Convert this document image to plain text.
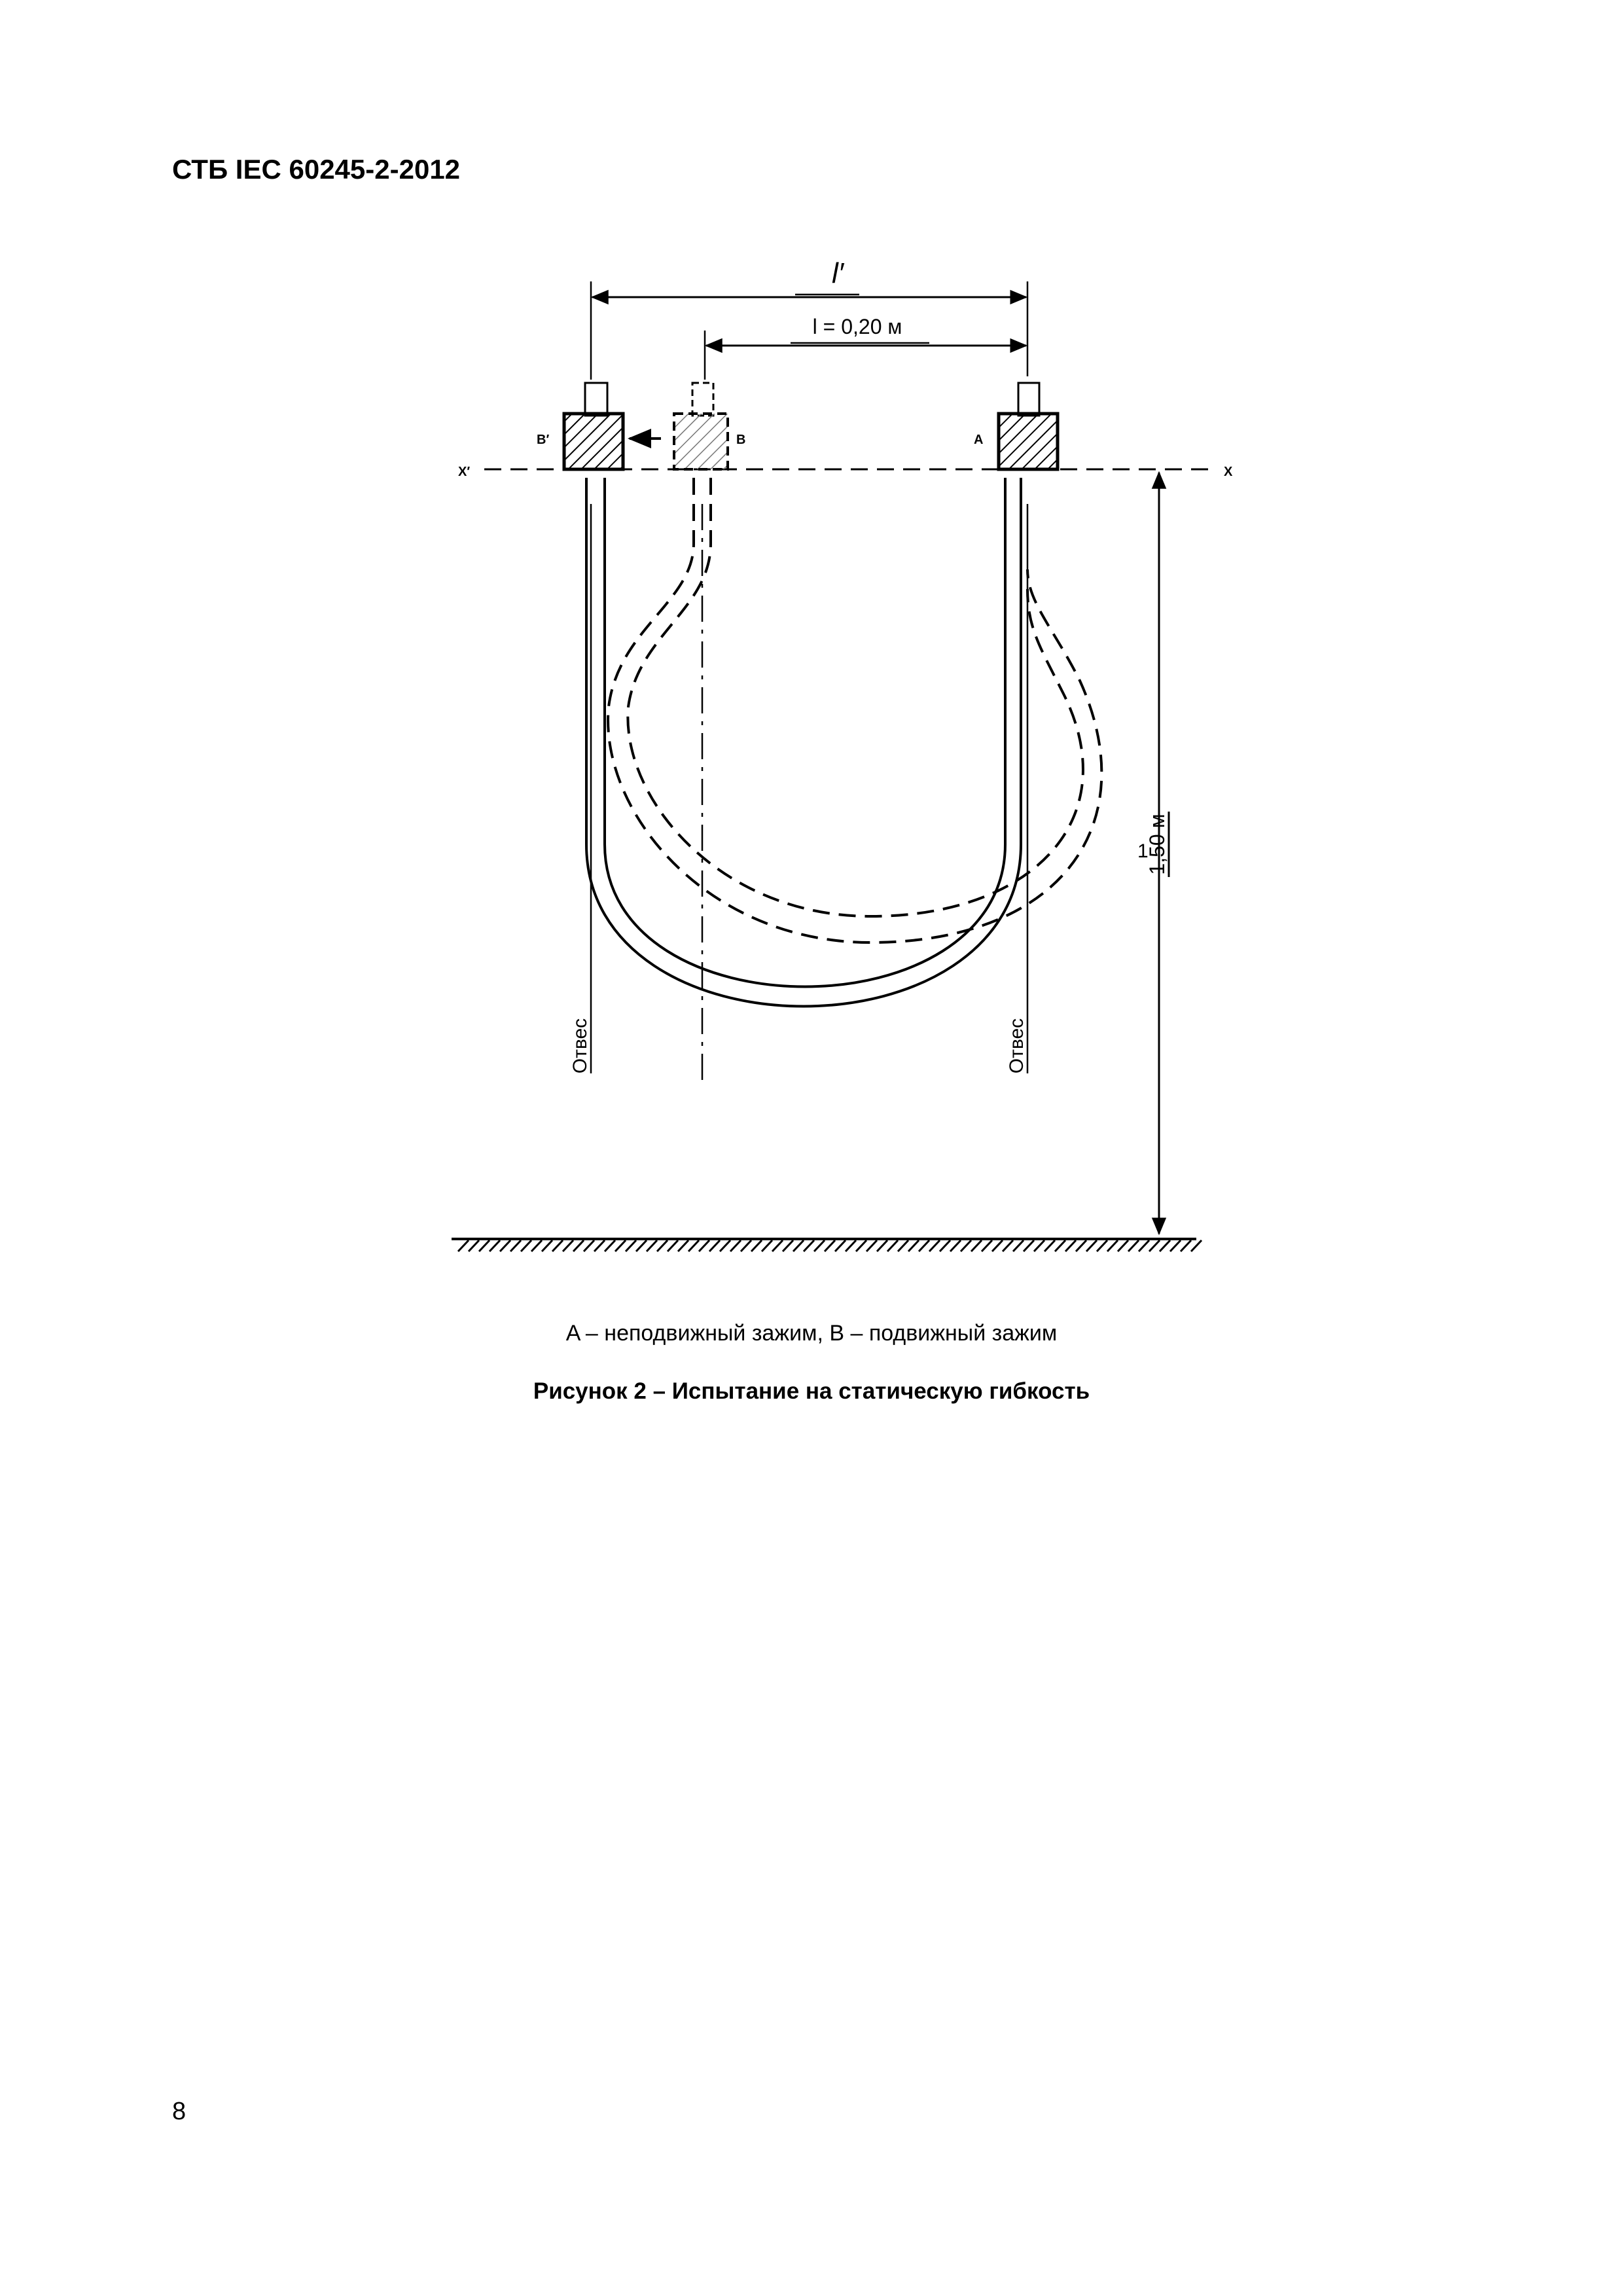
СТБ IEC 60245-2-2012
l′
l = 0,20 м
X′	X
Отвес	Отвес
B′	B	A
1,50 м
1
A – неподвижный зажим, B – подвижный зажим
Рисунок 2 – Испытание на статическую гибкость
8
